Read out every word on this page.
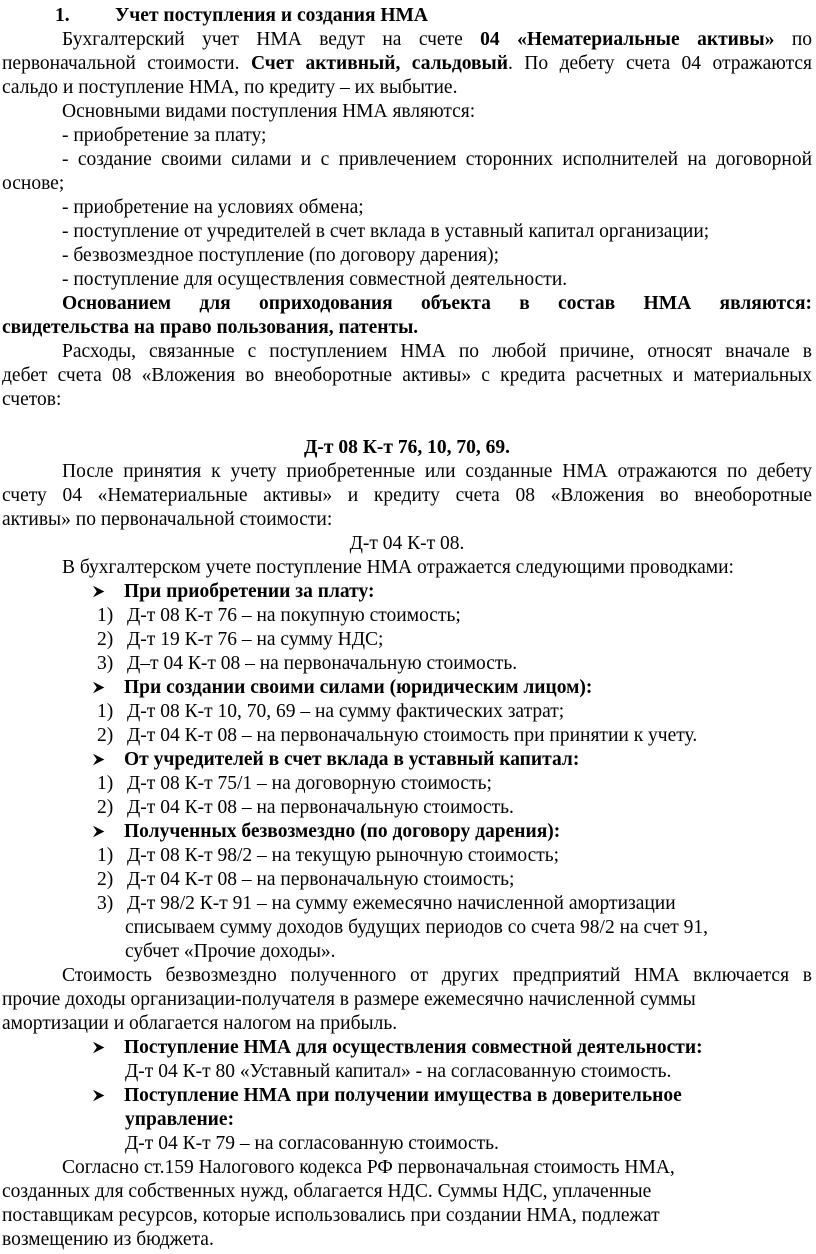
1. Учет поступления и создания НМА
Бухгалтерский учет НМА ведут на счете 04 «Нематериальные активы» по
первоначальной стоимости. Счет активный, сальдовый. По дебету счета 04 отражаются
сальдо и поступление НМА, по кредиту – их выбытие.
Основными видами поступления НМА являются:
- приобретение за плату;
- создание своими силами и с привлечением сторонних исполнителей на договорной
основе;
- приобретение на условиях обмена;
- поступление от учредителей в счет вклада в уставный капитал организации;
- безвозмездное поступление (по договору дарения);
- поступление для осуществления совместной деятельности.
Основанием для оприходования объекта в состав НМА являются:
свидетельства на право пользования, патенты.
Расходы, связанные с поступлением НМА по любой причине, относят вначале в
дебет счета 08 «Вложения во внеоборотные активы» с кредита расчетных и материальных
счетов:
Д-т 08 К-т 76, 10, 70, 69.
После принятия к учету приобретенные или созданные НМА отражаются по дебету
счету 04 «Нематериальные активы» и кредиту счета 08 «Вложения во внеоборотные
активы» по первоначальной стоимости:
Д-т 04 К-т 08.
В бухгалтерском учете поступление НМА отражается следующими проводками:
При приобретении за плату:
1) Д-т 08 К-т 76 – на покупную стоимость;
2) Д-т 19 К-т 76 – на сумму НДС;
3) Д–т 04 К-т 08 – на первоначальную стоимость.
При создании своими силами (юридическим лицом):
1) Д-т 08 К-т 10, 70, 69 – на сумму фактических затрат;
2) Д-т 04 К-т 08 – на первоначальную стоимость при принятии к учету.
От учредителей в счет вклада в уставный капитал:
1) Д-т 08 К-т 75/1 – на договорную стоимость;
2) Д-т 04 К-т 08 – на первоначальную стоимость.
Полученных безвозмездно (по договору дарения):
1) Д-т 08 К-т 98/2 – на текущую рыночную стоимость;
2) Д-т 04 К-т 08 – на первоначальную стоимость;
3) Д-т 98/2 К-т 91 – на сумму ежемесячно начисленной амортизации
списываем сумму доходов будущих периодов со счета 98/2 на счет 91,
субчет «Прочие доходы».
Стоимость безвозмездно полученного от других предприятий НМА включается в
прочие доходы организации-получателя в размере ежемесячно начисленной суммы
амортизации и облагается налогом на прибыль.
Поступление НМА для осуществления совместной деятельности:
Д-т 04 К-т 80 «Уставный капитал» - на согласованную стоимость.
Поступление НМА при получении имущества в доверительное
управление:
Д-т 04 К-т 79 – на согласованную стоимость.
Согласно ст.159 Налогового кодекса РФ первоначальная стоимость НМА,
созданных для собственных нужд, облагается НДС. Суммы НДС, уплаченные
поставщикам ресурсов, которые использовались при создании НМА, подлежат
возмещению из бюджета.
